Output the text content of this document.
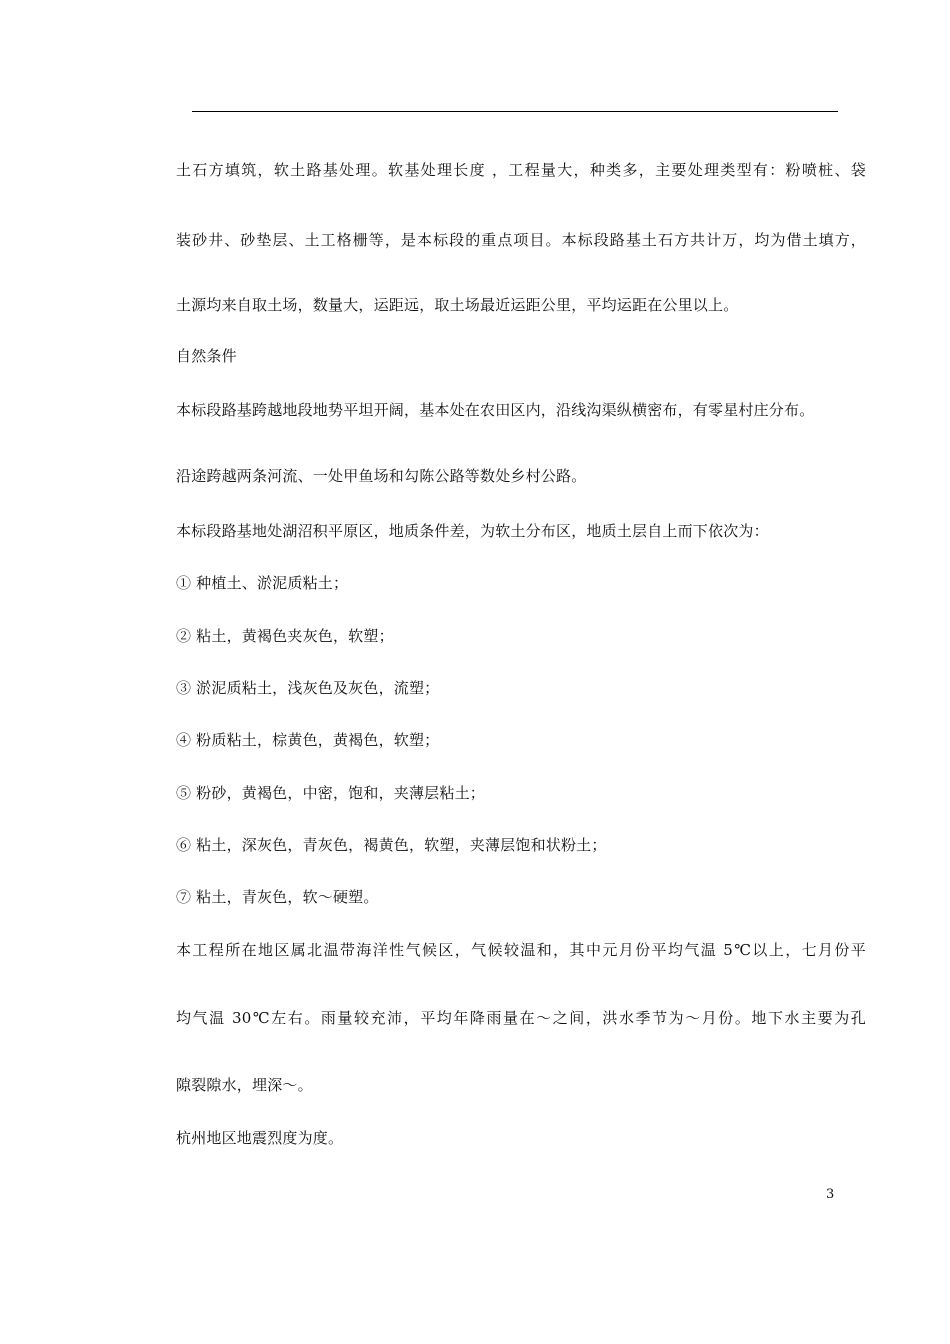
土石方填筑，软土路基处理。软基处理长度 ，工程量大，种类多，主要处理类型有：粉喷桩、袋
装砂井、砂垫层、土工格栅等，是本标段的重点项目。本标段路基土石方共计万，均为借土填方，
土源均来自取土场，数量大，运距远，取土场最近运距公里，平均运距在公里以上。
自然条件
本标段路基跨越地段地势平坦开阔，基本处在农田区内，沿线沟渠纵横密布，有零星村庄分布。
沿途跨越两条河流、一处甲鱼场和勾陈公路等数处乡村公路。
本标段路基地处湖沼积平原区，地质条件差，为软土分布区，地质土层自上而下依次为：
① 种植土、淤泥质粘土；
② 粘土，黄褐色夹灰色，软塑；
③ 淤泥质粘土，浅灰色及灰色，流塑；
④ 粉质粘土，棕黄色，黄褐色，软塑；
⑤ 粉砂，黄褐色，中密，饱和，夹薄层粘土；
⑥ 粘土，深灰色，青灰色，褐黄色，软塑，夹薄层饱和状粉土；
⑦ 粘土，青灰色，软～硬塑。
本工程所在地区属北温带海洋性气候区，气候较温和，其中元月份平均气温 5℃以上，七月份平
均气温 30℃左右。雨量较充沛，平均年降雨量在～之间，洪水季节为～月份。地下水主要为孔
隙裂隙水，埋深～。
杭州地区地震烈度为度。
3
